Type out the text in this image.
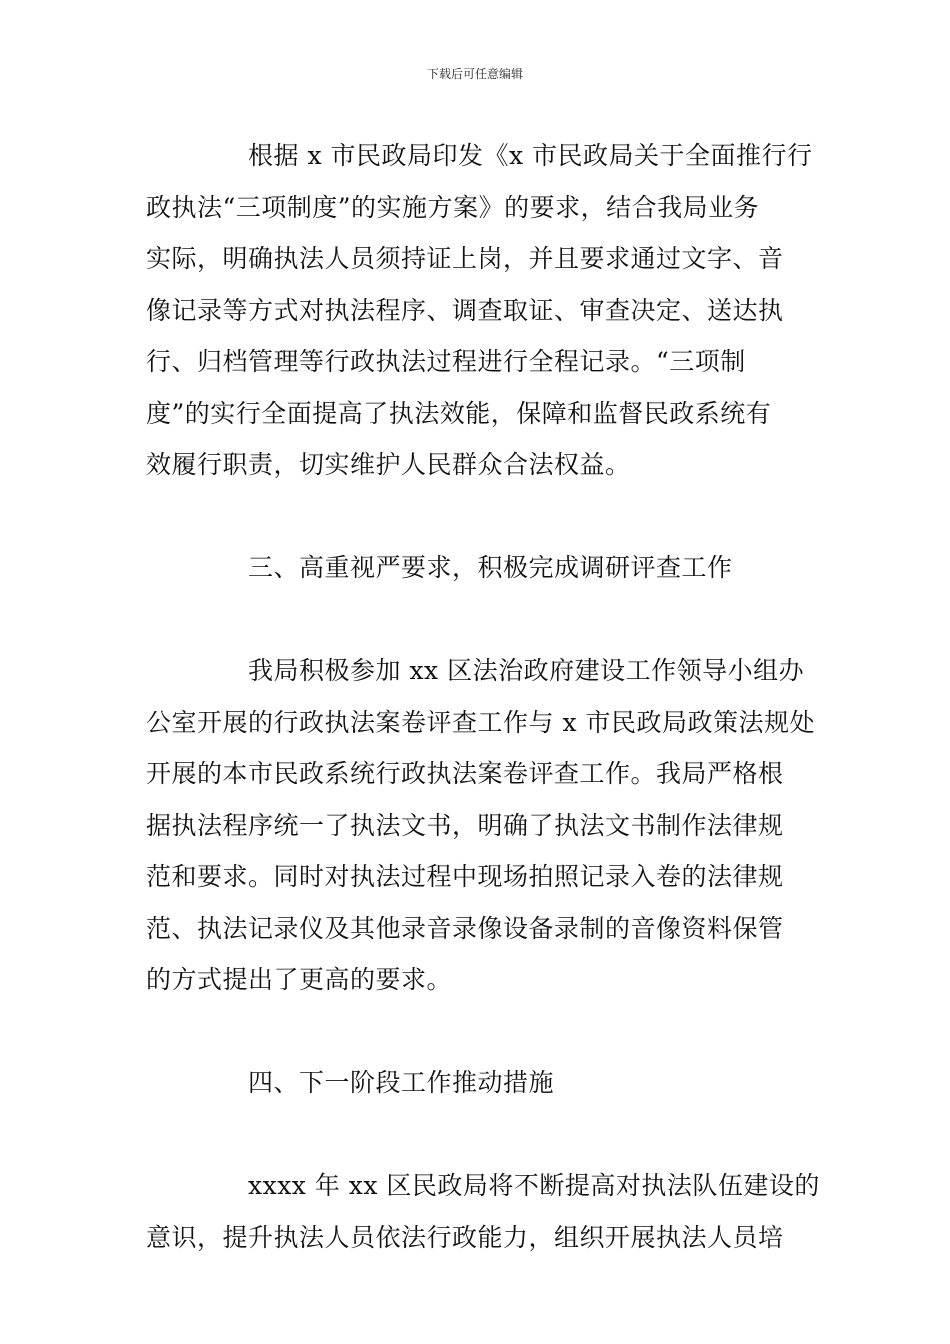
下载后可任意编辑
根据 x 市民政局印发《x 市民政局关于全面推行行
政执法“三项制度”的实施方案》的要求，结合我局业务
实际，明确执法人员须持证上岗，并且要求通过文字、音
像记录等方式对执法程序、调查取证、审查决定、送达执
行、归档管理等行政执法过程进行全程记录。“三项制
度”的实行全面提高了执法效能，保障和监督民政系统有
效履行职责，切实维护人民群众合法权益。
三、高重视严要求，积极完成调研评查工作
我局积极参加 xx 区法治政府建设工作领导小组办
公室开展的行政执法案卷评查工作与 x 市民政局政策法规处
开展的本市民政系统行政执法案卷评查工作。我局严格根
据执法程序统一了执法文书，明确了执法文书制作法律规
范和要求。同时对执法过程中现场拍照记录入卷的法律规
范、执法记录仪及其他录音录像设备录制的音像资料保管
的方式提出了更高的要求。
四、下一阶段工作推动措施
xxxx 年 xx 区民政局将不断提高对执法队伍建设的
意识，提升执法人员依法行政能力，组织开展执法人员培
